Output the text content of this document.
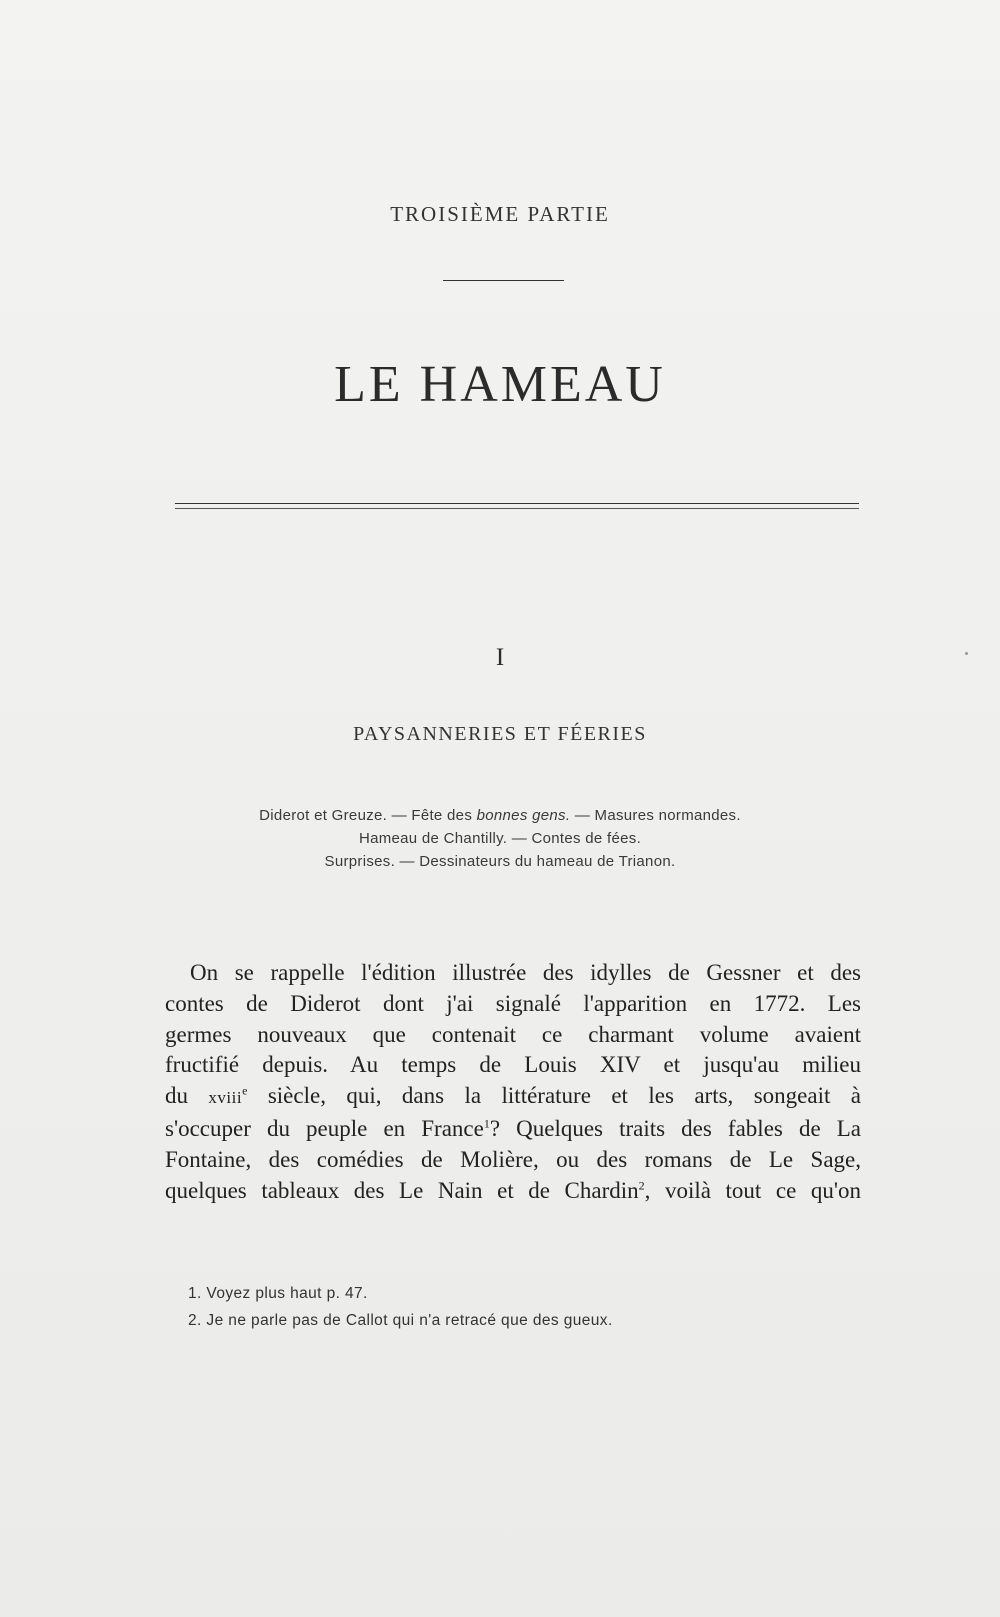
TROISIÈME PARTIE
LE HAMEAU
I
PAYSANNERIES ET FÉERIES
Diderot et Greuze. — Fête des bonnes gens. — Masures normandes.
Hameau de Chantilly. — Contes de fées.
Surprises. — Dessinateurs du hameau de Trianon.
On se rappelle l'édition illustrée des idylles de Gessner et des
contes de Diderot dont j'ai signalé l'apparition en 1772. Les
germes nouveaux que contenait ce charmant volume avaient
fructifié depuis. Au temps de Louis XIV et jusqu'au milieu
du xviii$^e$ siècle, qui, dans la littérature et les arts, songeait à
s'occuper du peuple en France$^1$? Quelques traits des fables de La
Fontaine, des comédies de Molière, ou des romans de Le Sage,
quelques tableaux des Le Nain et de Chardin$^2$, voilà tout ce qu'on
1. Voyez plus haut p. 47.
2. Je ne parle pas de Callot qui n'a retracé que des gueux.
